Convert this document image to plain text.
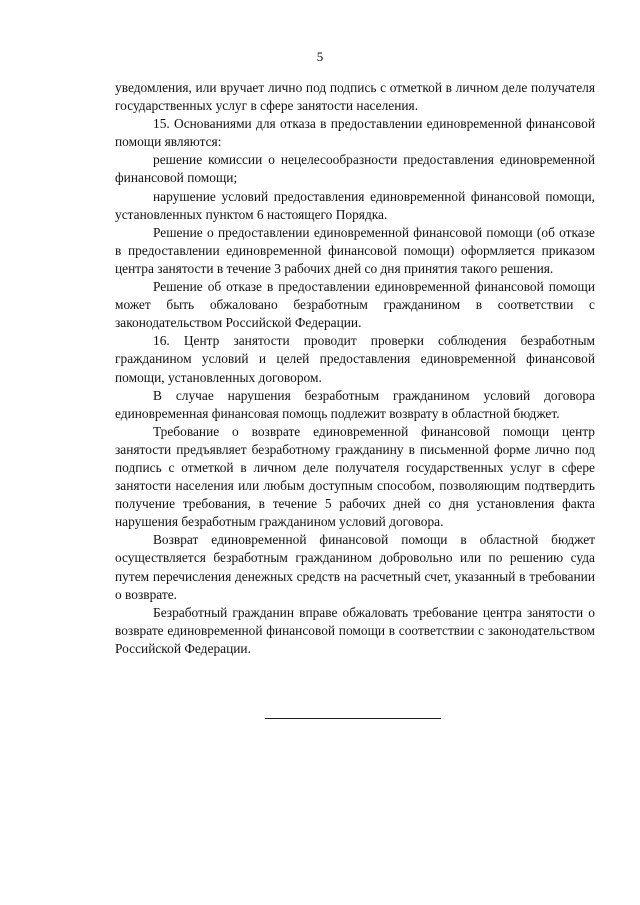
5

уведомления, или вручает лично под подпись с отметкой в личном деле получателя государственных услуг в сфере занятости населения.

15. Основаниями для отказа в предоставлении единовременной финансовой помощи являются:

решение комиссии о нецелесообразности предоставления единовременной финансовой помощи;

нарушение условий предоставления единовременной финансовой помощи, установленных пунктом 6 настоящего Порядка.

Решение о предоставлении единовременной финансовой помощи (об отказе в предоставлении единовременной финансовой помощи) оформляется приказом центра занятости в течение 3 рабочих дней со дня принятия такого решения.

Решение об отказе в предоставлении единовременной финансовой помощи может быть обжаловано безработным гражданином в соответствии с законодательством Российской Федерации.

16. Центр занятости проводит проверки соблюдения безработным гражданином условий и целей предоставления единовременной финансовой помощи, установленных договором.

В случае нарушения безработным гражданином условий договора единовременная финансовая помощь подлежит возврату в областной бюджет.

Требование о возврате единовременной финансовой помощи центр занятости предъявляет безработному гражданину в письменной форме лично под подпись с отметкой в личном деле получателя государственных услуг в сфере занятости населения или любым доступным способом, позволяющим подтвердить получение требования, в течение 5 рабочих дней со дня установления факта нарушения безработным гражданином условий договора.

Возврат единовременной финансовой помощи в областной бюджет осуществляется безработным гражданином добровольно или по решению суда путем перечисления денежных средств на расчетный счет, указанный в требовании о возврате.

Безработный гражданин вправе обжаловать требование центра занятости о возврате единовременной финансовой помощи в соответствии с законодательством Российской Федерации.
